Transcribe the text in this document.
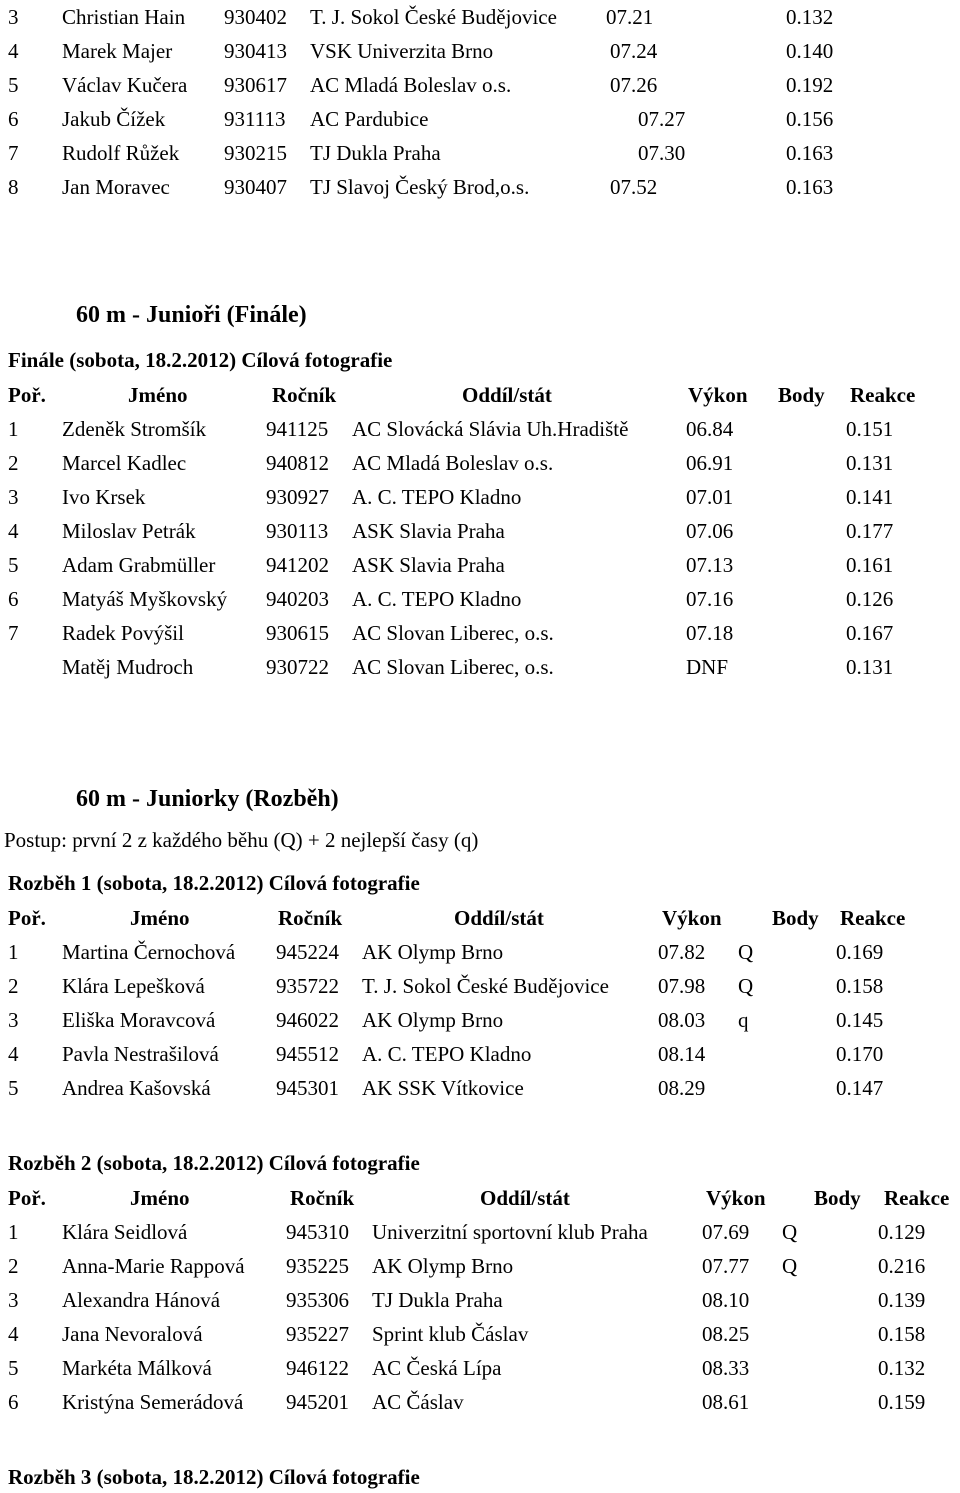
3 Christian Hain 930402 T. J. Sokol České Budějovice 07.21	0.132
4 Marek Majer 930413 VSK Univerzita Brno	07.24	0.140
5 Václav Kučera 930617 AC Mladá Boleslav o.s.	07.26	0.192
6 Jakub Čížek	931113 AC Pardubice	07.27	0.156
7 Rudolf Růžek 930215 TJ Dukla Praha	07.30	0.163
8 Jan Moravec	930407 TJ Slavoj Český Brod,o.s.	07.52	0.163
60 m - Junioři (Finále)
Finále (sobota, 18.2.2012) Cílová fotografie
Poř.	Jméno	Ročník	Oddíl/stát	Výkon Body Reakce
1 Zdeněk Stromšík	941125 AC Slovácká Slávia Uh.Hradiště	06.84	0.151
2 Marcel Kadlec	940812 AC Mladá Boleslav o.s.	06.91	0.131
3 Ivo Krsek	930927 A. C. TEPO Kladno	07.01	0.141
4 Miloslav Petrák	930113 ASK Slavia Praha	07.06	0.177
5 Adam Grabmüller 941202 ASK Slavia Praha	07.13	0.161
6 Matyáš Myškovský 940203 A. C. TEPO Kladno	07.16	0.126
7 Radek Povýšil	930615 AC Slovan Liberec, o.s.	07.18	0.167
Matěj Mudroch	930722 AC Slovan Liberec, o.s.	DNF	0.131
60 m - Juniorky (Rozběh)
Postup: první 2 z každého běhu (Q) + 2 nejlepší časy (q)
Rozběh 1 (sobota, 18.2.2012) Cílová fotografie
Poř.	Jméno	Ročník	Oddíl/stát	Výkon Body Reakce
1 Martina Černochová 945224 AK Olymp Brno	07.82 Q	0.169
2 Klára Lepešková	935722 T. J. Sokol České Budějovice 07.98 Q	0.158
3 Eliška Moravcová	946022 AK Olymp Brno	08.03 q	0.145
4 Pavla Nestrašilová	945512 A. C. TEPO Kladno	08.14	0.170
5 Andrea Kašovská	945301 AK SSK Vítkovice	08.29	0.147
Rozběh 2 (sobota, 18.2.2012) Cílová fotografie
Poř.	Jméno	Ročník	Oddíl/stát	Výkon Body Reakce
1 Klára Seidlová	945310 Univerzitní sportovní klub Praha	07.69 Q	0.129
2 Anna-Marie Rappová 935225 AK Olymp Brno	07.77 Q	0.216
3 Alexandra Hánová	935306 TJ Dukla Praha	08.10	0.139
4 Jana Nevoralová	935227 Sprint klub Čáslav	08.25	0.158
5 Markéta Málková	946122 AC Česká Lípa	08.33	0.132
6 Kristýna Semerádová 945201 AC Čáslav	08.61	0.159
Rozběh 3 (sobota, 18.2.2012) Cílová fotografie
